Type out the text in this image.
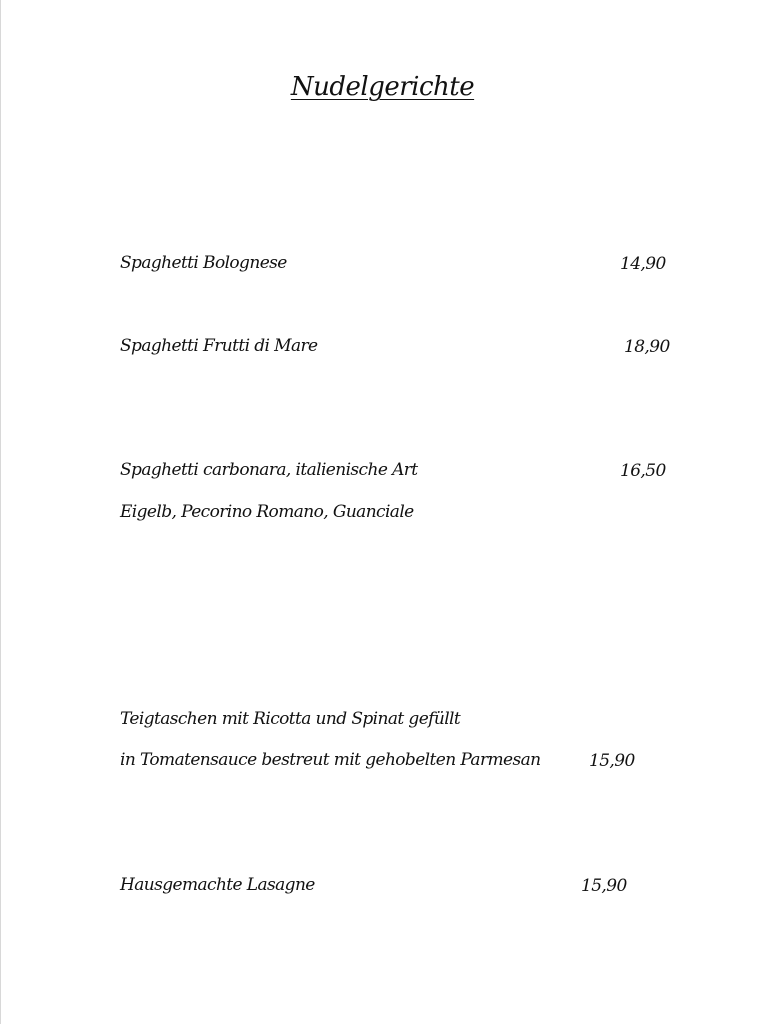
Nudelgerichte
Spaghetti Bolognese	14,90
Spaghetti Frutti di Mare	18,90
Spaghetti carbonara, italienische Art	16,50
Eigelb, Pecorino Romano, Guanciale
Teigtaschen mit Ricotta und Spinat gefüllt
in Tomatensauce bestreut mit gehobelten Parmesan	15,90
Hausgemachte Lasagne	15,90
